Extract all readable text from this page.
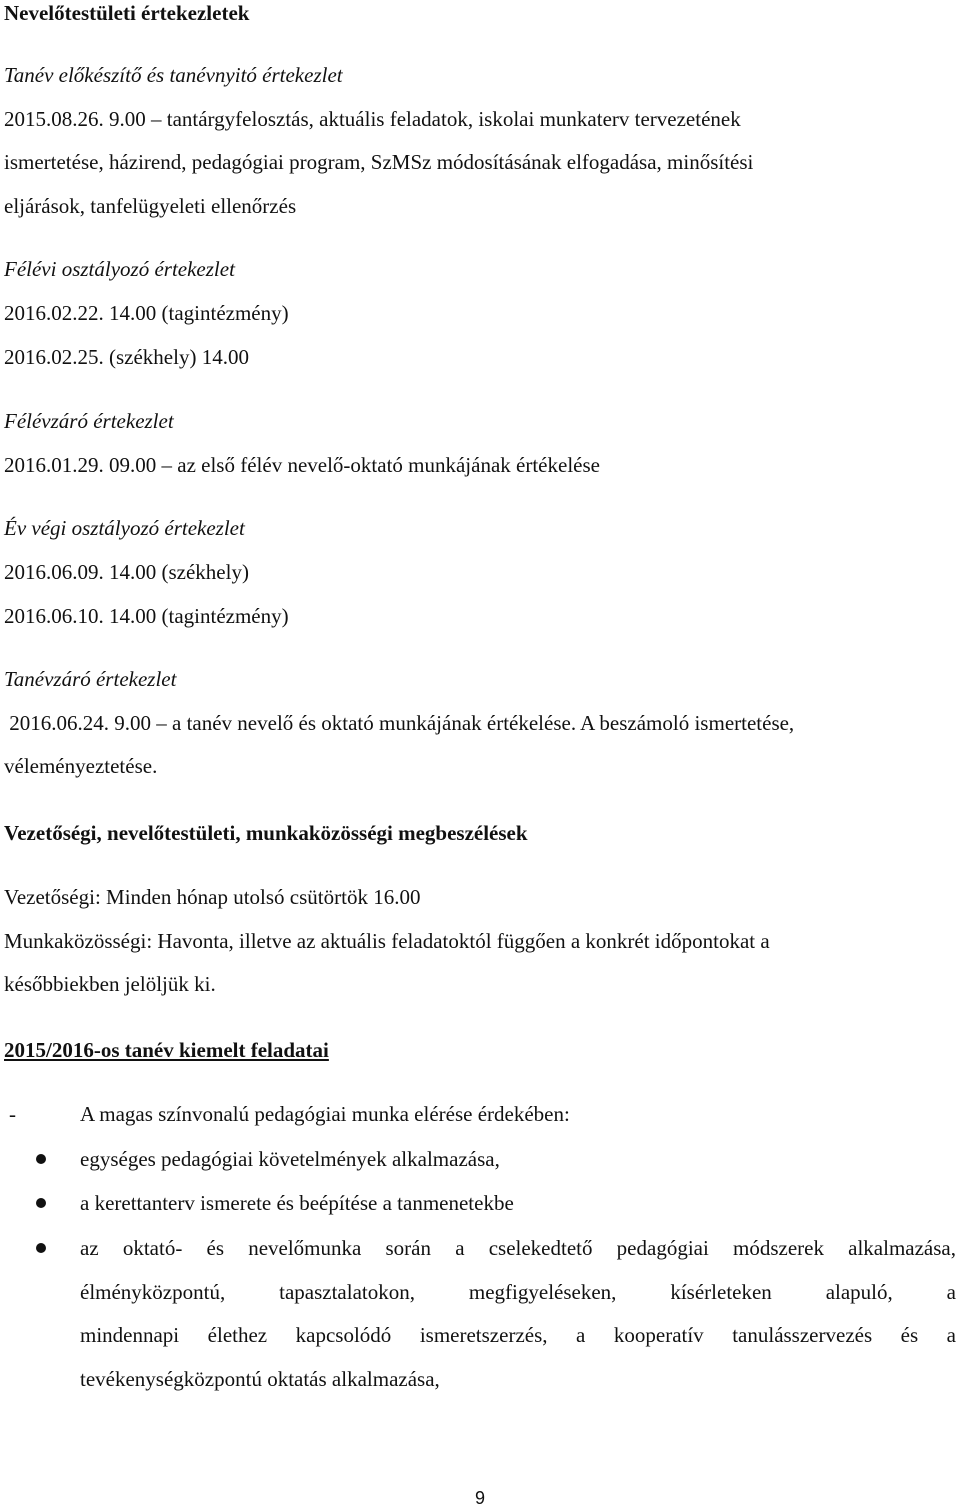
Nevelőtestületi értekezletek
Tanév előkészítő és tanévnyitó értekezlet
2015.08.26. 9.00 – tantárgyfelosztás, aktuális feladatok, iskolai munkaterv tervezetének
ismertetése, házirend, pedagógiai program, SzMSz módosításának elfogadása, minősítési
eljárások, tanfelügyeleti ellenőrzés
Félévi osztályozó értekezlet
2016.02.22. 14.00 (tagintézmény)
2016.02.25. (székhely) 14.00
Félévzáró értekezlet
2016.01.29. 09.00 – az első félév nevelő-oktató munkájának értékelése
Év végi osztályozó értekezlet
2016.06.09. 14.00 (székhely)
2016.06.10. 14.00 (tagintézmény)
Tanévzáró értekezlet
2016.06.24. 9.00 – a tanév nevelő és oktató munkájának értékelése. A beszámoló ismertetése,
véleményeztetése.
Vezetőségi, nevelőtestületi, munkaközösségi megbeszélések
Vezetőségi: Minden hónap utolsó csütörtök 16.00
Munkaközösségi: Havonta, illetve az aktuális feladatoktól függően a konkrét időpontokat a
későbbiekben jelöljük ki.
2015/2016-os tanév kiemelt feladatai
-	A magas színvonalú pedagógiai munka elérése érdekében:
egységes pedagógiai követelmények alkalmazása,
a kerettanterv ismerete és beépítése a tanmenetekbe
az oktató- és nevelőmunka során a cselekedtető pedagógiai módszerek alkalmazása,
élményközpontú, tapasztalatokon, megfigyeléseken, kísérleteken alapuló, a
mindennapi élethez kapcsolódó ismeretszerzés, a kooperatív tanulásszervezés és a
tevékenységközpontú oktatás alkalmazása,
9
